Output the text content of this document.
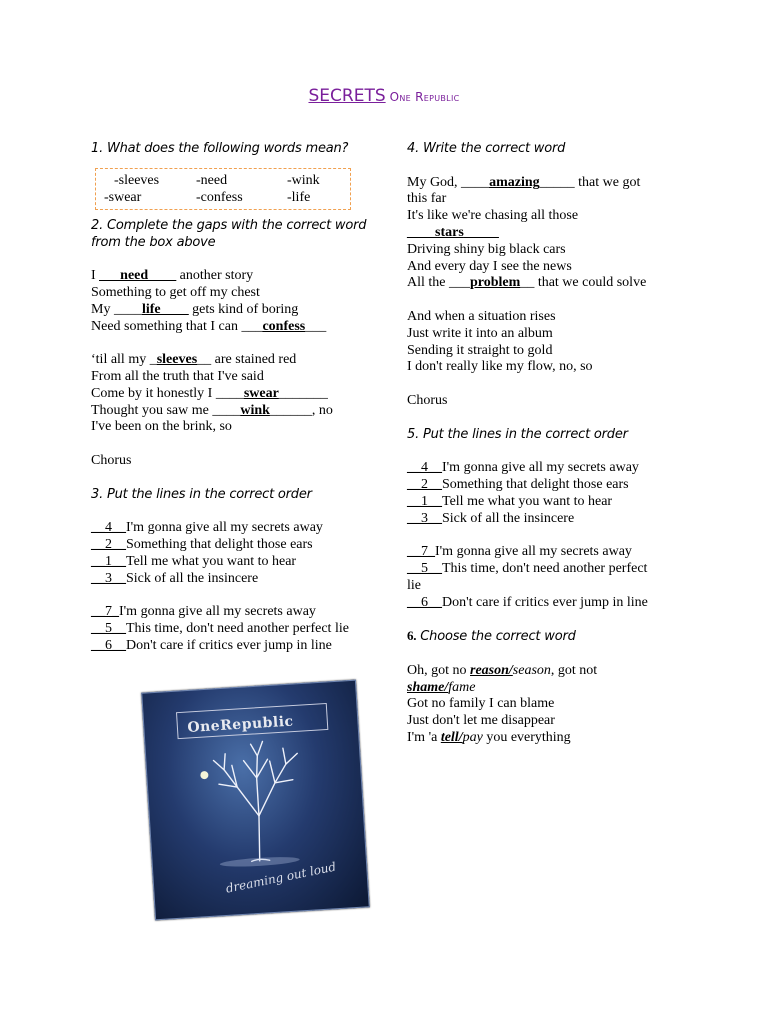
SECRETS One Republic

1. What does the following words mean?

-sleeves	-need	-wink
-swear	-confess	-life

2. Complete the gaps with the correct word from the box above

I ___need____ another story

Something to get off my chest

My ____life____ gets kind of boring

Need something that I can ___confess___

‘til all my _sleeves__ are stained red

From all the truth that I've said

Come by it honestly I ____swear_______

Thought you saw me ____wink______, no

I've been on the brink, so

Chorus

3. Put the lines in the correct order

__4__I'm gonna give all my secrets away

__2__Something that delight those ears

__1__Tell me what you want to hear

__3__Sick of all the insincere

__7_I'm gonna give all my secrets away

__5__This time, don't need another perfect lie

__6__Don't care if critics ever jump in line

OneRepublic
dreaming out loud

4. Write the correct word

My God, ____amazing_____ that we got

this far

It's like we're chasing all those

____stars_____

Driving shiny big black cars

And every day I see the news

All the ___problem__ that we could solve

And when a situation rises

Just write it into an album

Sending it straight to gold

I don't really like my flow, no, so

Chorus

5. Put the lines in the correct order

__4__I'm gonna give all my secrets away

__2__Something that delight those ears

__1__Tell me what you want to hear

__3__Sick of all the insincere

__7_I'm gonna give all my secrets away

__5__This time, don't need another perfect

lie

__6__Don't care if critics ever jump in line

6. Choose the correct word

Oh, got no reason/season, got not

shame/fame

Got no family I can blame

Just don't let me disappear

I'm 'a tell/pay you everything
